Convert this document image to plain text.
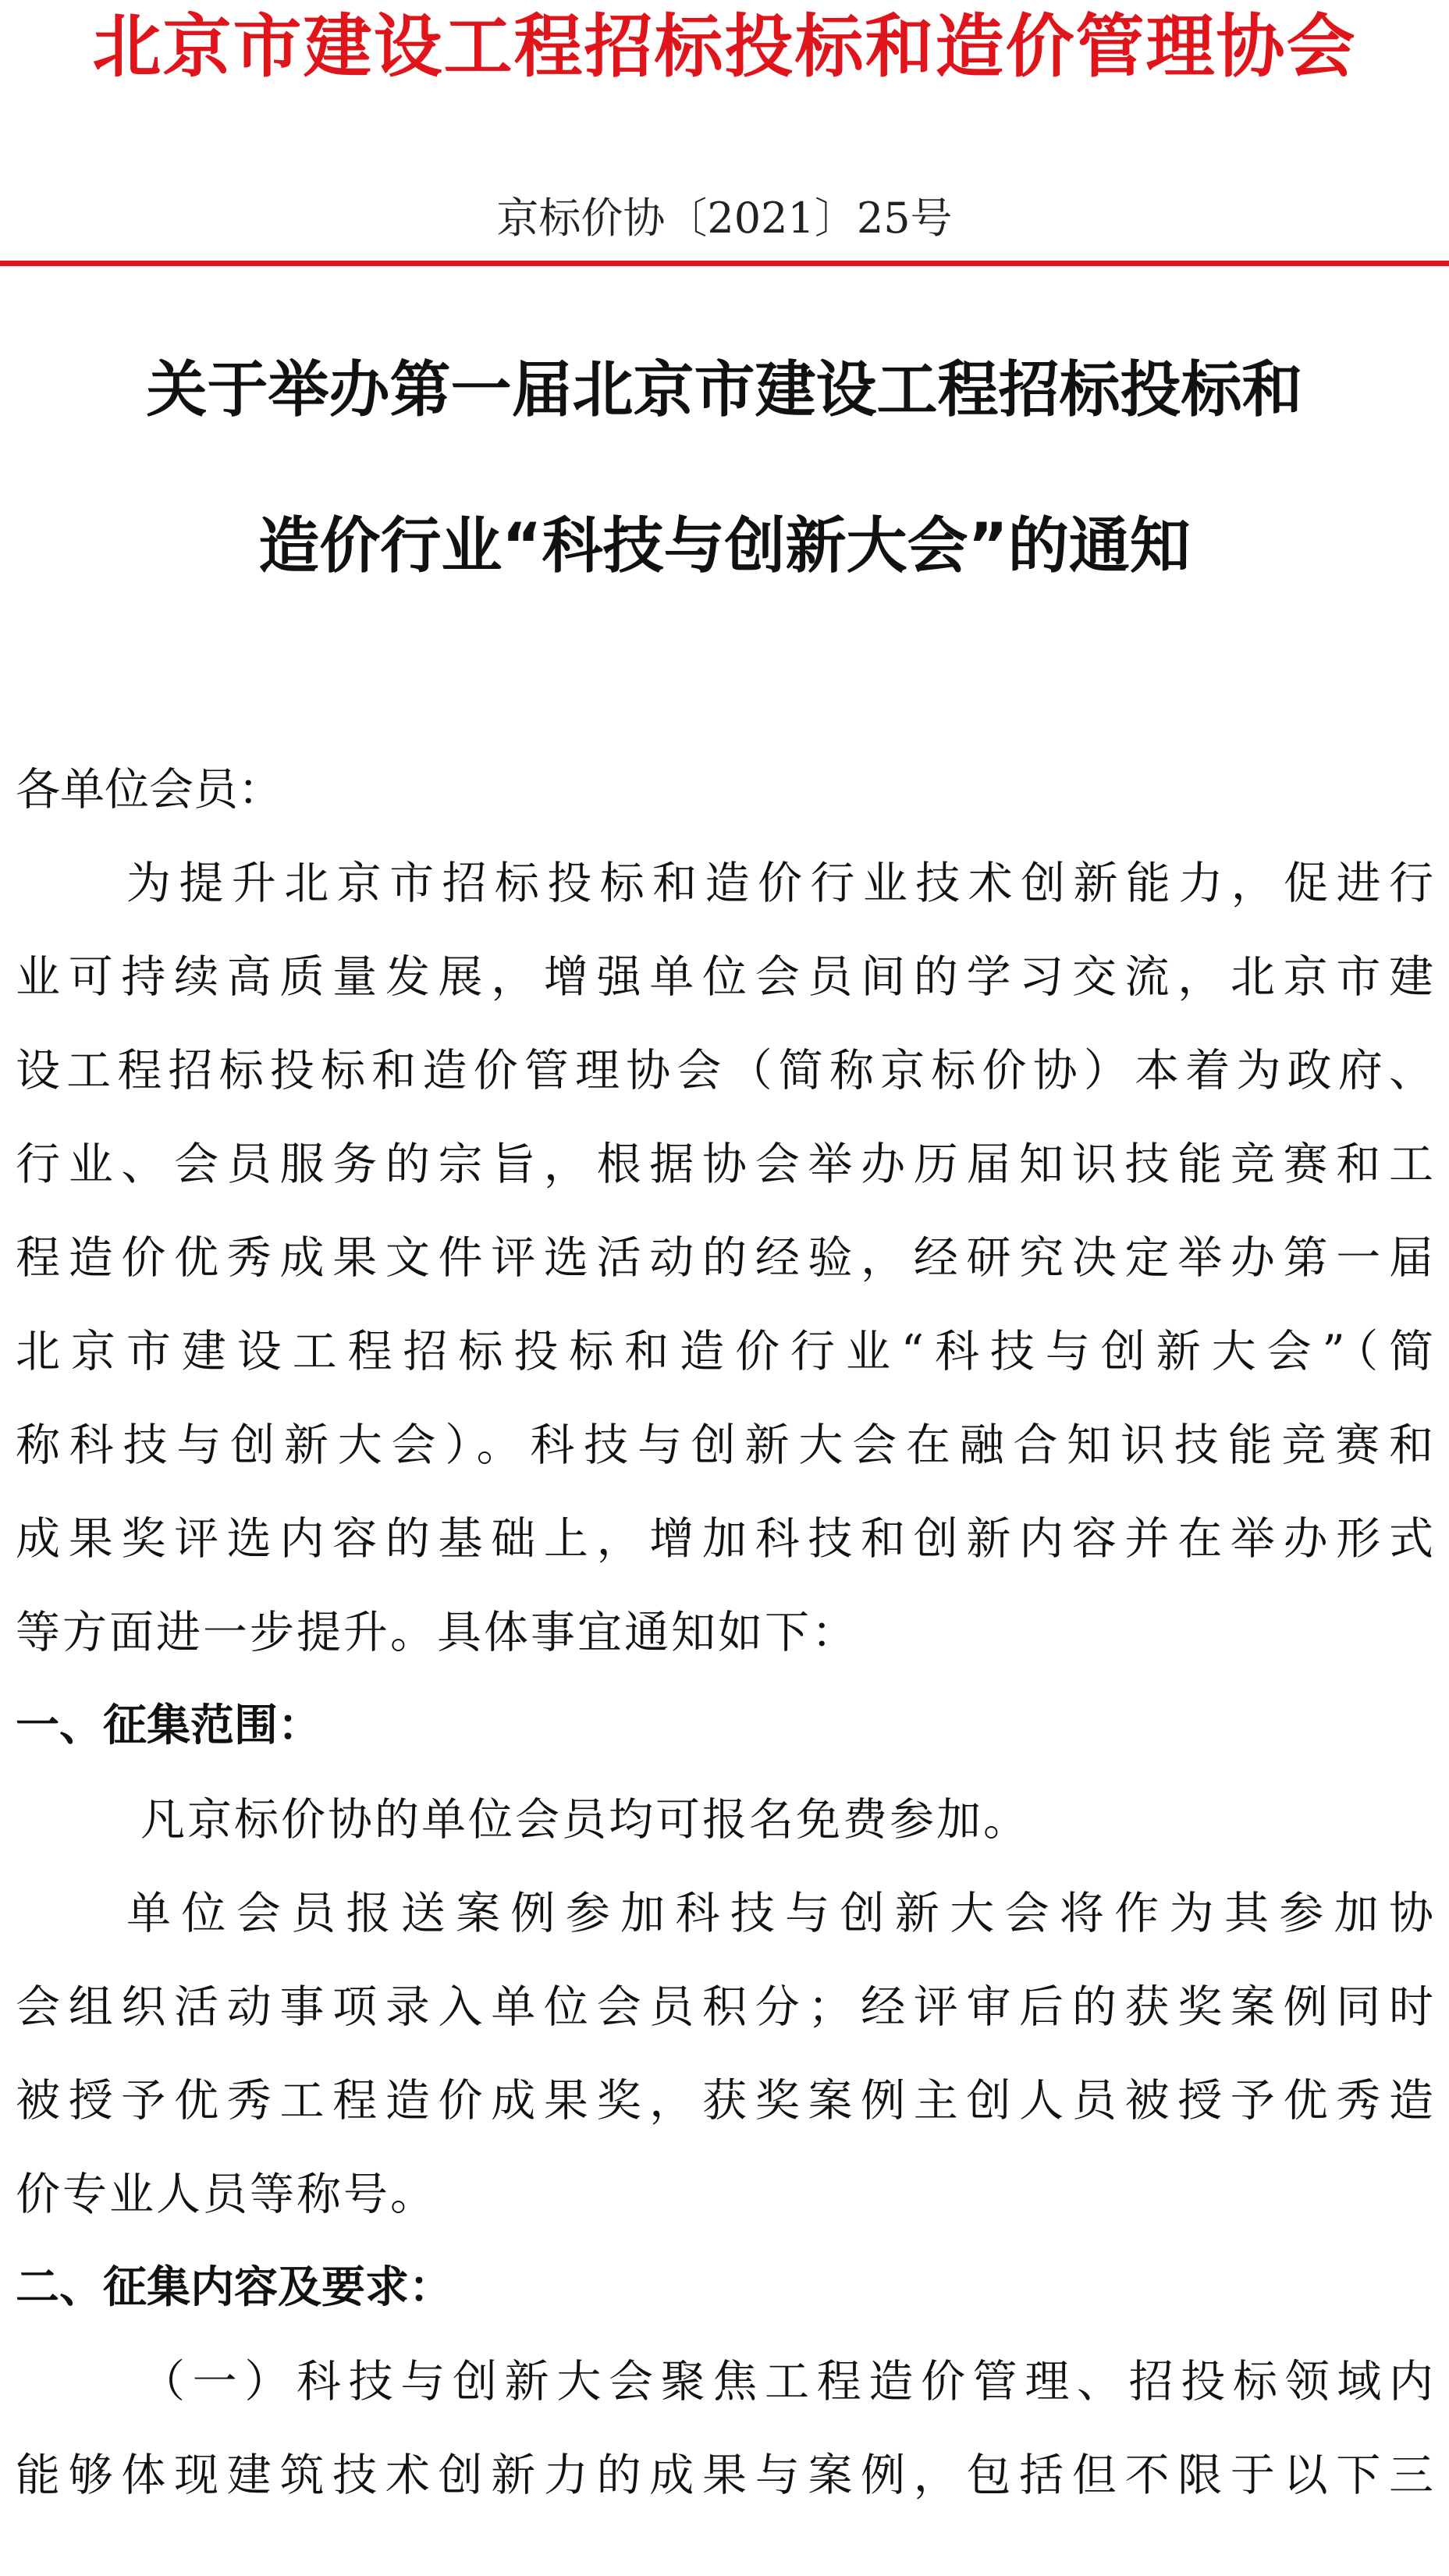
北京市建设工程招标投标和造价管理协会
京标价协〔2021〕25号
关于举办第一届北京市建设工程招标投标和
造价行业“科技与创新大会”的通知
各单位会员：
为提升北京市招标投标和造价行业技术创新能力，促进行
业可持续高质量发展，增强单位会员间的学习交流，北京市建
设工程招标投标和造价管理协会（简称京标价协）本着为政府、
行业、会员服务的宗旨，根据协会举办历届知识技能竞赛和工
程造价优秀成果文件评选活动的经验，经研究决定举办第一届
北京市建设工程招标投标和造价行业“科技与创新大会”（简
称科技与创新大会）。科技与创新大会在融合知识技能竞赛和
成果奖评选内容的基础上，增加科技和创新内容并在举办形式
等方面进一步提升。具体事宜通知如下：
一、征集范围：
凡京标价协的单位会员均可报名免费参加。
单位会员报送案例参加科技与创新大会将作为其参加协
会组织活动事项录入单位会员积分；经评审后的获奖案例同时
被授予优秀工程造价成果奖，获奖案例主创人员被授予优秀造
价专业人员等称号。
二、征集内容及要求：
（一）科技与创新大会聚焦工程造价管理、招投标领域内
能够体现建筑技术创新力的成果与案例，包括但不限于以下三
